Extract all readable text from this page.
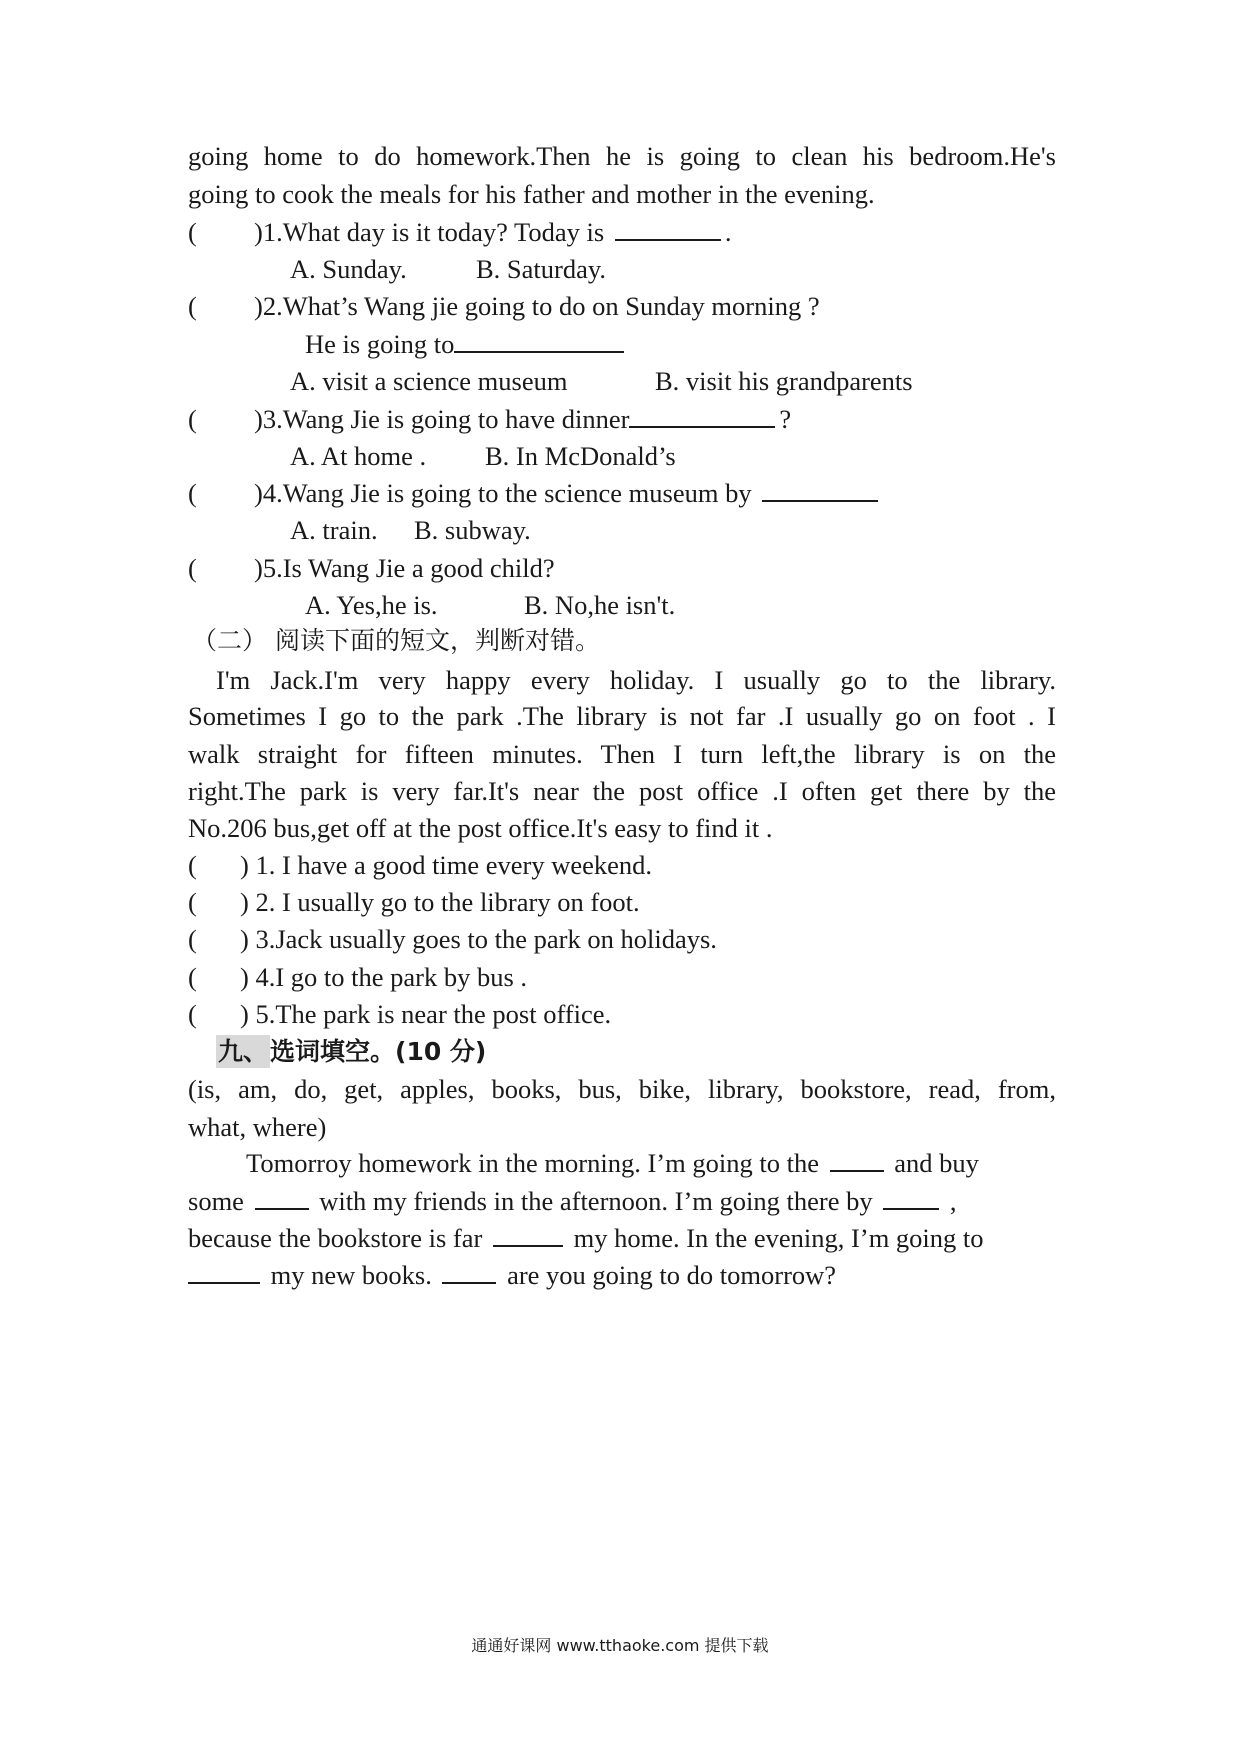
going home to do homework.Then he is going to clean his bedroom.He's
going to cook the meals for his father and mother in the evening.
( )1.What day is it today? Today is	.
A. Sunday.	B. Saturday.
( )2.What’s Wang jie going to do on Sunday morning ?
He is going to
A. visit a science museum	B. visit his grandparents
( )3.Wang Jie is going to have dinner	?
A. At home . B. In McDonald’s
( )4.Wang Jie is going to the science museum by
A. train. B. subway.
( )5.Is Wang Jie a good child?
A. Yes,he is.	B. No,he isn't.
（二） 阅读下面的短文，判断对错。
I'm Jack.I'm very happy every holiday. I usually go to the library.
Sometimes I go to the park .The library is not far .I usually go on foot . I
walk straight for fifteen minutes. Then I turn left,the library is on the
right.The park is very far.It's near the post office .I often get there by the
No.206 bus,get off at the post office.It's easy to find it .
( ) 1. I have a good time every weekend.
( ) 2. I usually go to the library on foot.
( ) 3.Jack usually goes to the park on holidays.
( ) 4.I go to the park by bus .
( ) 5.The park is near the post office.
九、选词填空。(10 分)
(is, am, do, get, apples, books, bus, bike, library, bookstore, read, from,
what, where)
Tomorroy homework in the morning. I’m going to the	and buy
some	with my friends in the afternoon. I’m going there by	,
because the bookstore is far	my home. In the evening, I’m going to
my new books.	are you going to do tomorrow?
通通好课网 www.tthaoke.com 提供下载
